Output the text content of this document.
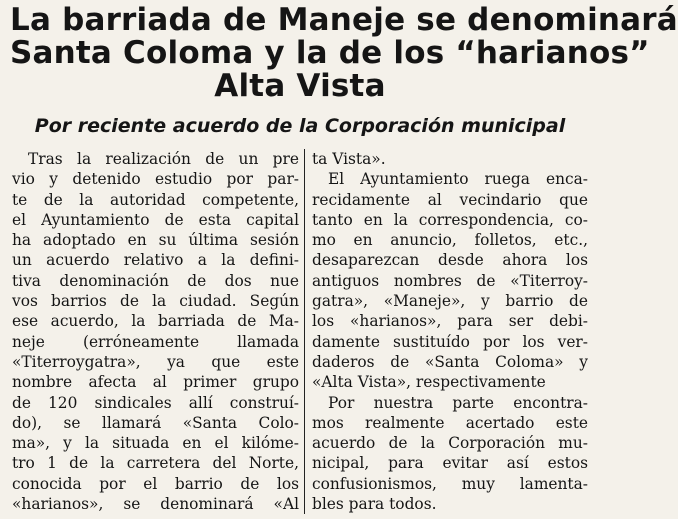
La barriada de Maneje se denominará
Santa Coloma y la de los “harianos”
Alta Vista
Por reciente acuerdo de la Corporación municipal
Tras la realización de un pre
vio y detenido estudio por par-
te de la autoridad competente,
el Ayuntamiento de esta capital
ha adoptado en su última sesión
un acuerdo relativo a la defini-
tiva denominación de dos nue
vos barrios de la ciudad. Según
ese acuerdo, la barriada de Ma-
neje (erróneamente llamada
«Titerroygatra», ya que este
nombre afecta al primer grupo
de 120 sindicales allí construí-
do), se llamará «Santa Colo-
ma», y la situada en el kilóme-
tro 1 de la carretera del Norte,
conocida por el barrio de los
«harianos», se denominará «Al
ta Vista».
El Ayuntamiento ruega enca-
recidamente al vecindario que
tanto en la correspondencia, co-
mo en anuncio, folletos, etc.,
desaparezcan desde ahora los
antiguos nombres de «Titerroy-
gatra», «Maneje», y barrio de
los «harianos», para ser debi-
damente sustituído por los ver-
daderos de «Santa Coloma» y
«Alta Vista», respectivamente
Por nuestra parte encontra-
mos realmente acertado este
acuerdo de la Corporación mu-
nicipal, para evitar así estos
confusionismos, muy lamenta-
bles para todos.
